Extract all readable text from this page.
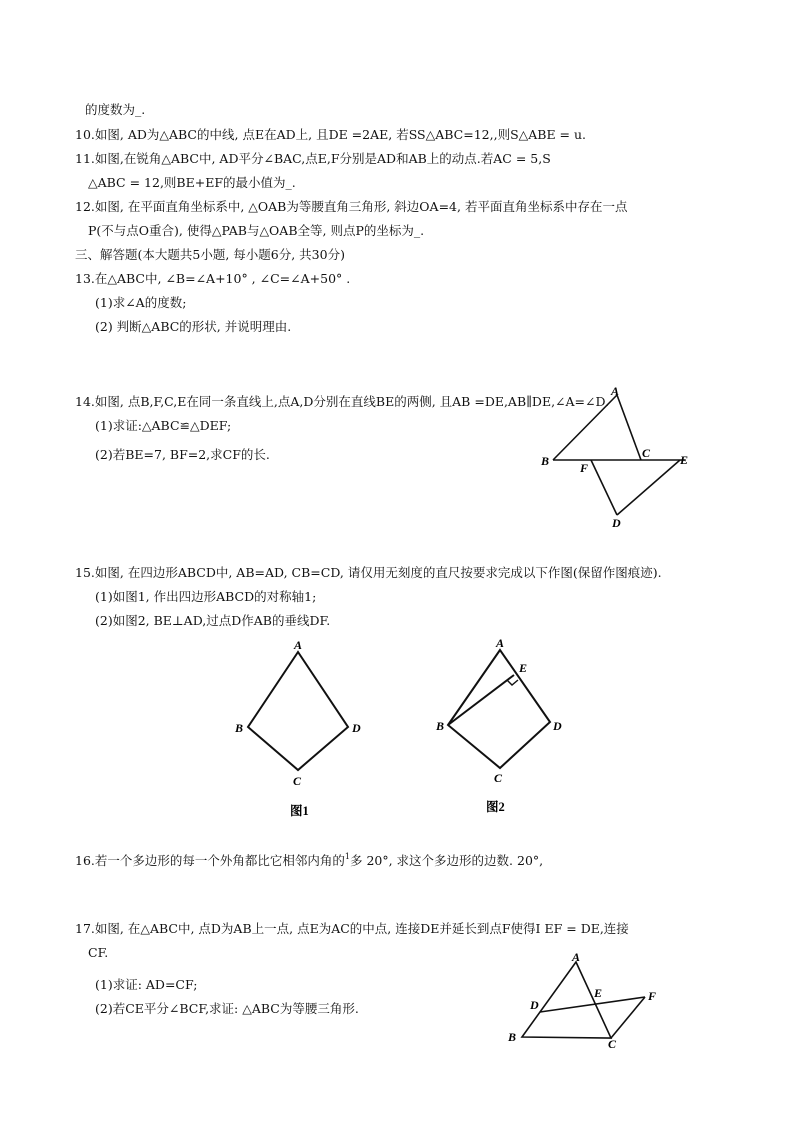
的度数为_.
10.如图, AD为△ABC的中线, 点E在AD上, 且DE =2AE, 若SS△ABC=12,,则S△ABE = u.
11.如图,在锐角△ABC中, AD平分∠BAC,点E,F分别是AD和AB上的动点.若AC = 5,S
△ABC = 12,则BE+EF的最小值为_.
12.如图, 在平面直角坐标系中, △OAB为等腰直角三角形, 斜边OA=4, 若平面直角坐标系中存在一点
P(不与点O重合), 使得△PAB与△OAB全等, 则点P的坐标为_.
三、解答题(本大题共5小题, 每小题6分, 共30分)
13.在△ABC中, ∠B=∠A+10° , ∠C=∠A+50° .
(1)求∠A的度数;
(2) 判断△ABC的形状, 并说明理由.
14.如图, 点B,F,C,E在同一条直线上,点A,D分别在直线BE的两侧, 且AB =DE,AB∥DE,∠A=∠D.
(1)求证:△ABC≌△DEF;
(2)若BE=7, BF=2,求CF的长.
A
B
C E
F
D
15.如图, 在四边形ABCD中, AB=AD, CB=CD, 请仅用无刻度的直尺按要求完成以下作图(保留作图痕迹).
(1)如图1, 作出四边形ABCD的对称轴1;
(2)如图2, BE⊥AD,过点D作AB的垂线DF.
A
B	D
C
图1
A
E
B	D
C
图2
16.若一个多边形的每一个外角都比它相邻内角的$^1$多 20°, 求这个多边形的边数. 20°,
17.如图, 在△ABC中, 点D为AB上一点, 点E为AC的中点, 连接DE并延长到点F使得I EF = DE,连接
CF.
(1)求证: AD=CF;
(2)若CE平分∠BCF,求证: △ABC为等腰三角形.
A
D
E	F
B	C
